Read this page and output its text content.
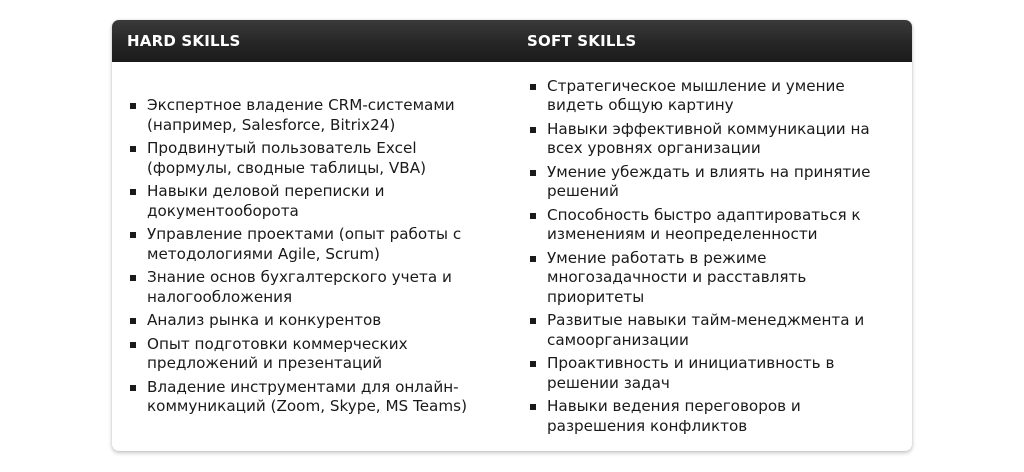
HARD SKILLS	SOFT SKILLS
Экспертное владение CRM-системами (например, Salesforce, Bitrix24)
Продвинутый пользователь Excel (формулы, сводные таблицы, VBA)
Навыки деловой переписки и документооборота
Управление проектами (опыт работы с методологиями Agile, Scrum)
Знание основ бухгалтерского учета и налогообложения
Анализ рынка и конкурентов
Опыт подготовки коммерческих предложений и презентаций
Владение инструментами для онлайн-коммуникаций (Zoom, Skype, MS Teams)
Стратегическое мышление и умение видеть общую картину
Навыки эффективной коммуникации на всех уровнях организации
Умение убеждать и влиять на принятие решений
Способность быстро адаптироваться к изменениям и неопределенности
Умение работать в режиме многозадачности и расставлять приоритеты
Развитые навыки тайм-менеджмента и самоорганизации
Проактивность и инициативность в решении задач
Навыки ведения переговоров и разрешения конфликтов
